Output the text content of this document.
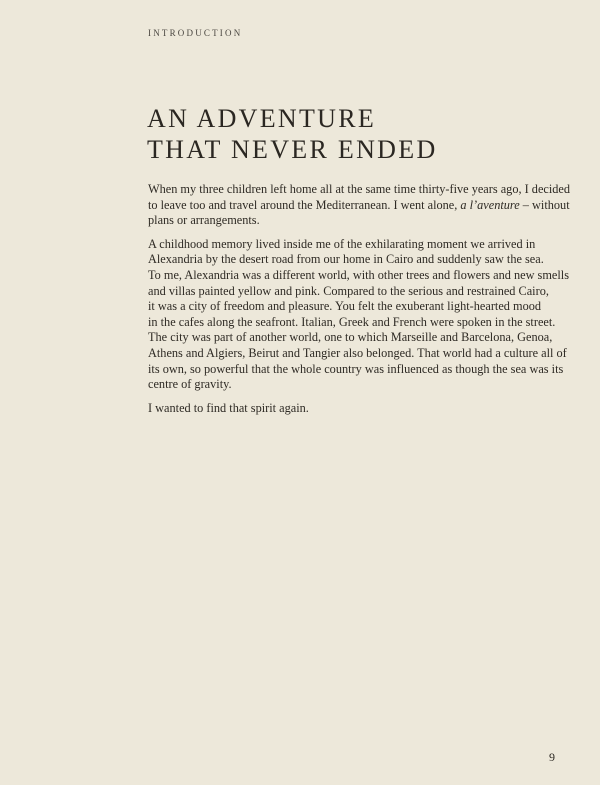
INTRODUCTION
AN ADVENTURE
THAT NEVER ENDED

When my three children left home all at the same time thirty-five years ago, I decided
to leave too and travel around the Mediterranean. I went alone, a l’aventure – without
plans or arrangements.

A childhood memory lived inside me of the exhilarating moment we arrived in
Alexandria by the desert road from our home in Cairo and suddenly saw the sea.
To me, Alexandria was a different world, with other trees and flowers and new smells
and villas painted yellow and pink. Compared to the serious and restrained Cairo,
it was a city of freedom and pleasure. You felt the exuberant light-hearted mood
in the cafes along the seafront. Italian, Greek and French were spoken in the street.
The city was part of another world, one to which Marseille and Barcelona, Genoa,
Athens and Algiers, Beirut and Tangier also belonged. That world had a culture all of
its own, so powerful that the whole country was influenced as though the sea was its
centre of gravity.

I wanted to find that spirit again.

9
